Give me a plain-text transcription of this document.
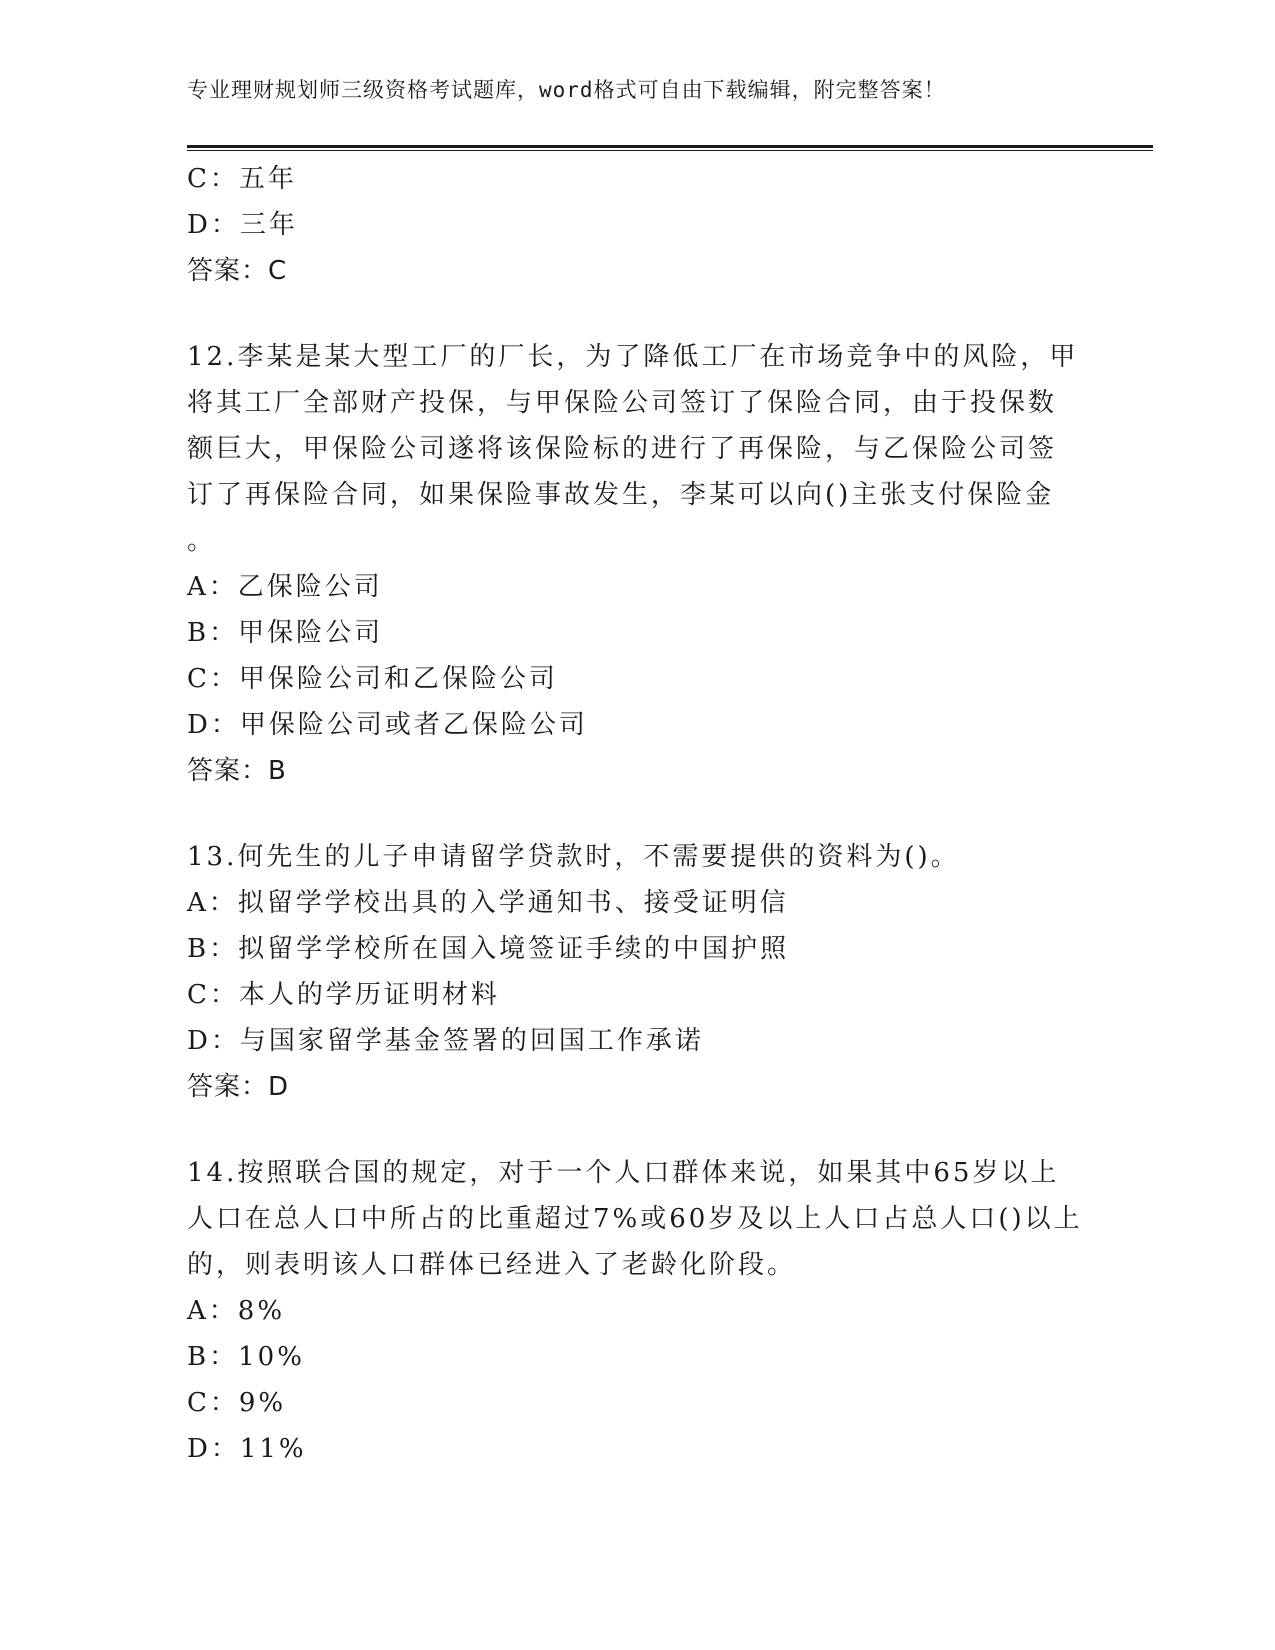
专业理财规划师三级资格考试题库，word格式可自由下载编辑，附完整答案！
C：五年
D：三年
答案：C
12.李某是某大型工厂的厂长，为了降低工厂在市场竞争中的风险，甲
将其工厂全部财产投保，与甲保险公司签订了保险合同，由于投保数
额巨大，甲保险公司遂将该保险标的进行了再保险，与乙保险公司签
订了再保险合同，如果保险事故发生，李某可以向()主张支付保险金
。
A：乙保险公司
B：甲保险公司
C：甲保险公司和乙保险公司
D：甲保险公司或者乙保险公司
答案：B
13.何先生的儿子申请留学贷款时，不需要提供的资料为()。
A：拟留学学校出具的入学通知书、接受证明信
B：拟留学学校所在国入境签证手续的中国护照
C：本人的学历证明材料
D：与国家留学基金签署的回国工作承诺
答案：D
14.按照联合国的规定，对于一个人口群体来说，如果其中65岁以上
人口在总人口中所占的比重超过7%或60岁及以上人口占总人口()以上
的，则表明该人口群体已经进入了老龄化阶段。
A：8%
B：10%
C：9%
D：11%
